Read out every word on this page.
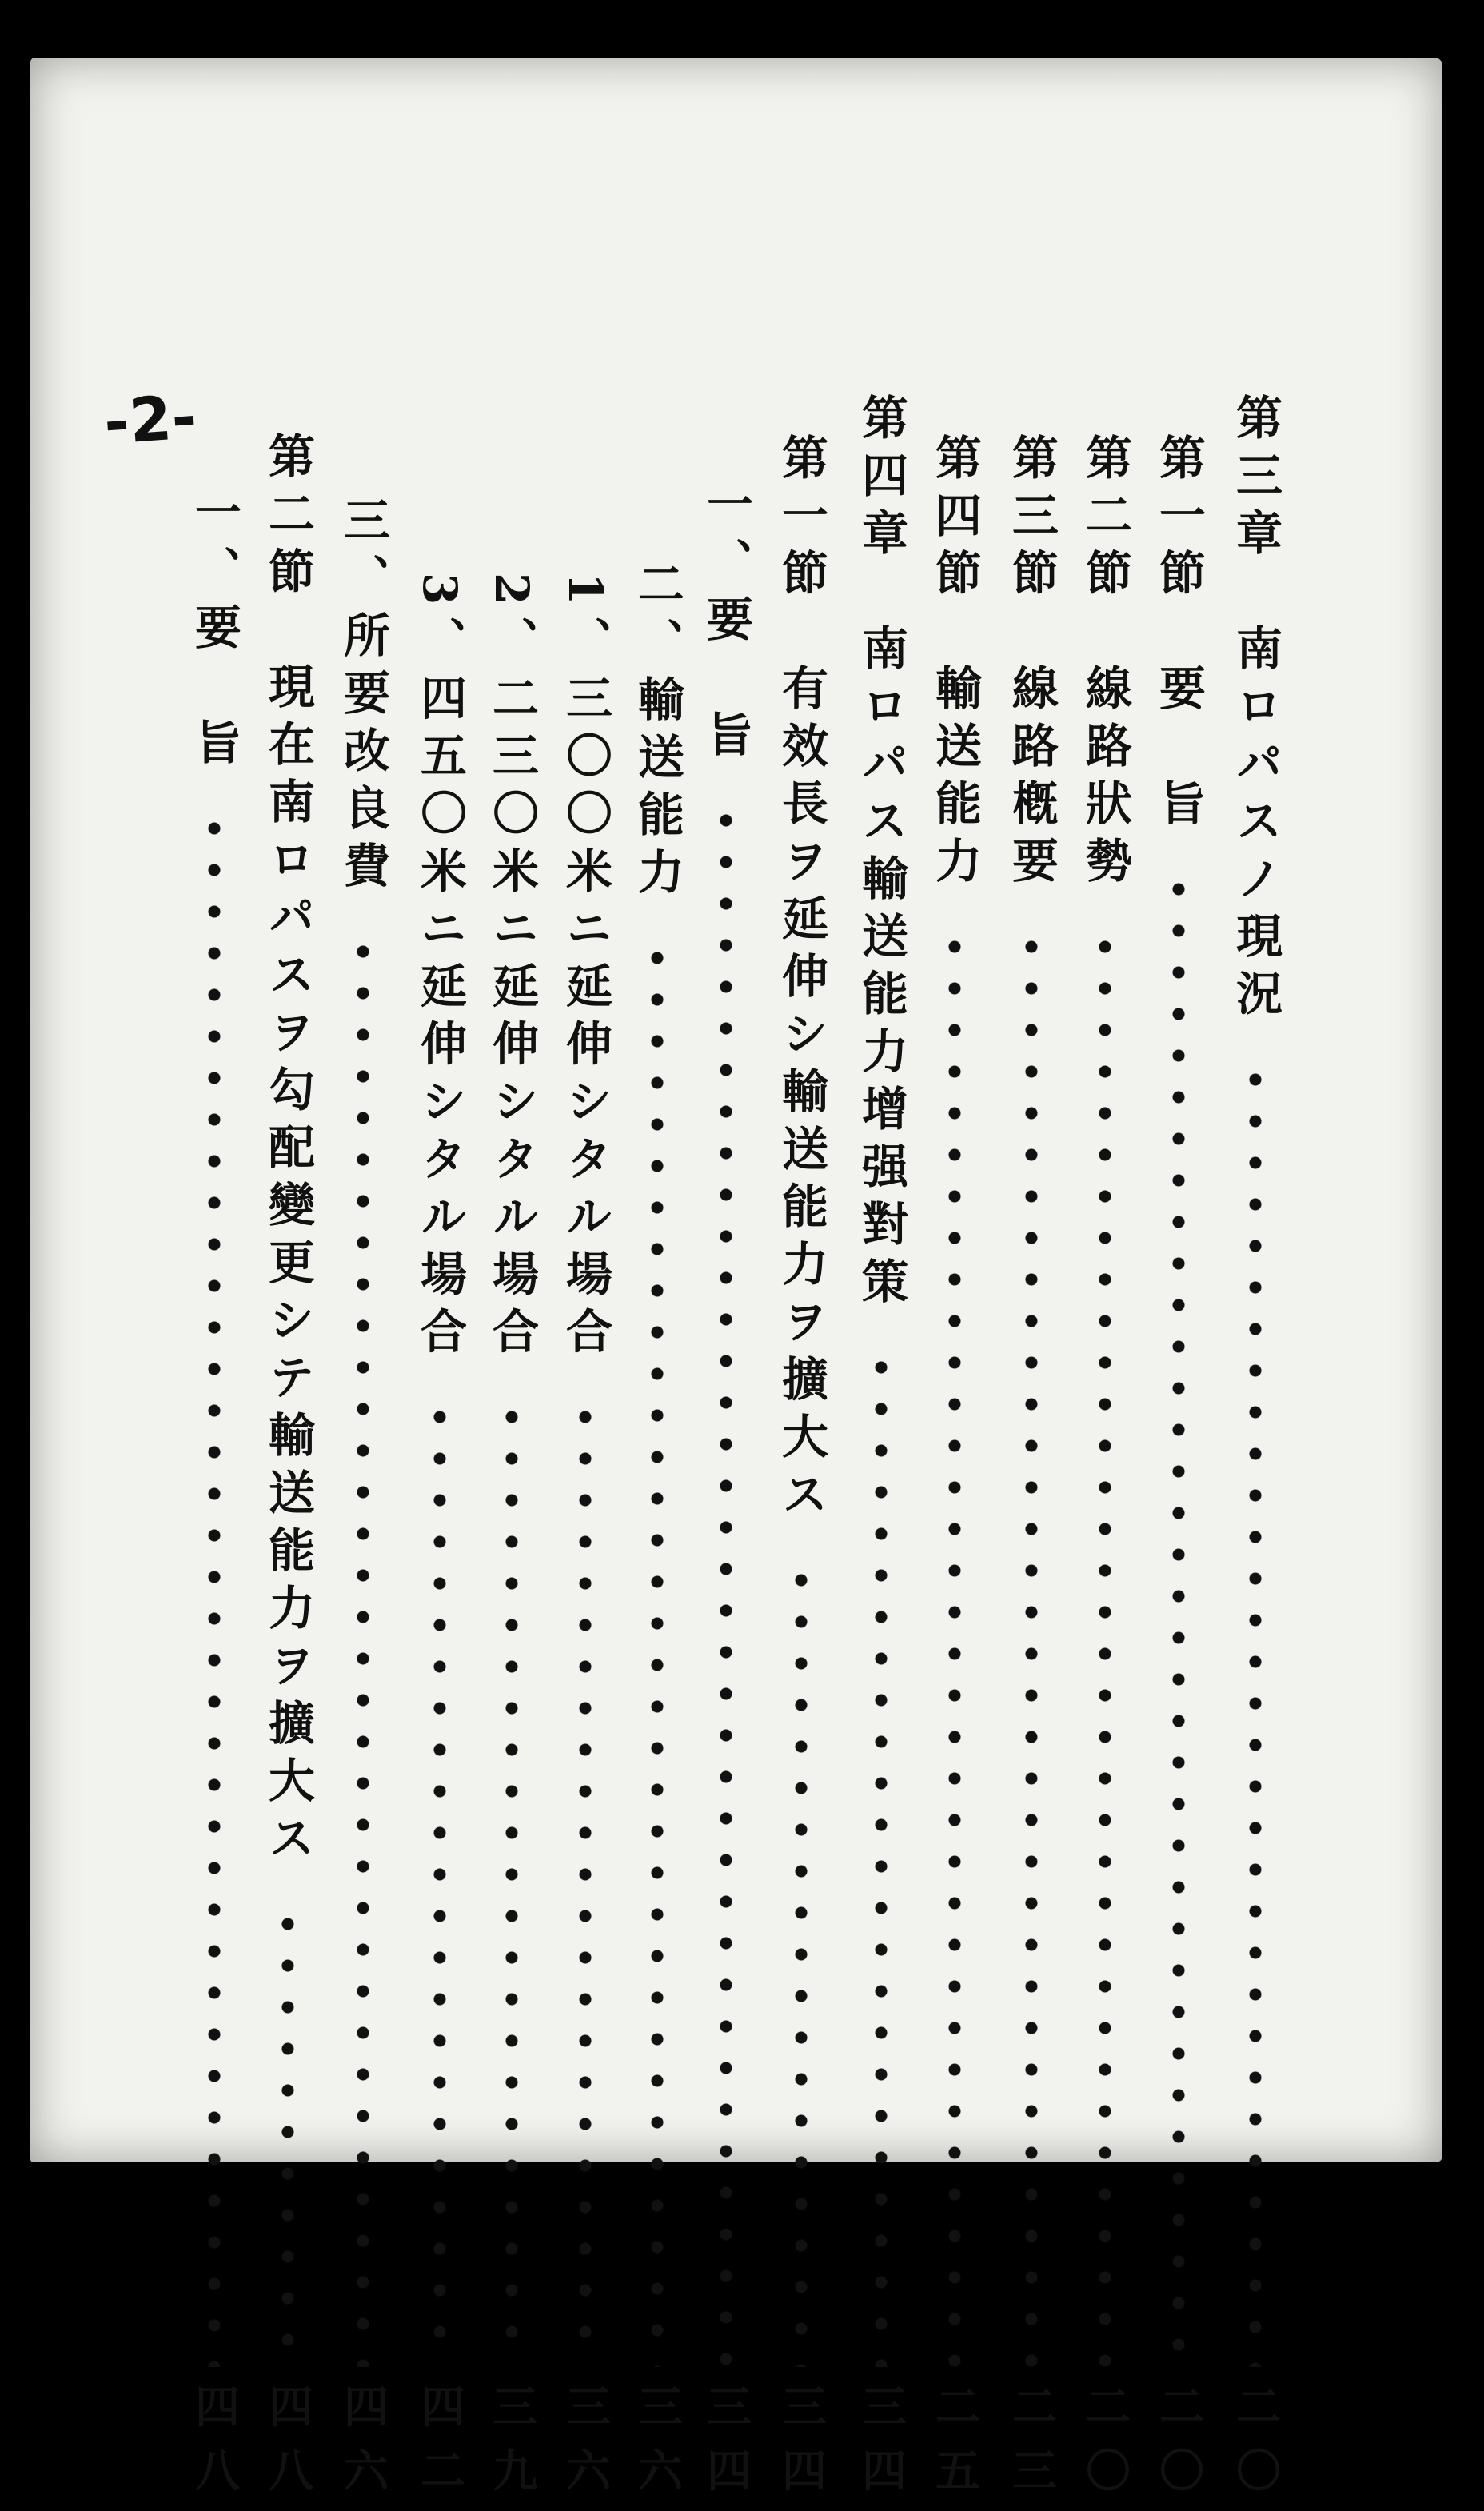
-2-	第三章　南ロパスノ現況
二〇
第一節　要　旨
二〇
第二節　線路狀勢
二〇
第三節　線路槪要
二三
第四節　輸送能力
二五
第四章　南ロパス輸送能力增强對策
三四
第一節　有效長ヲ延伸シ輸送能力ヲ擴大ス
三四
一、要　旨
三四
二、輸送能力
三六
1、三〇〇米ニ延伸シタル場合
三六
2、二三〇米ニ延伸シタル場合
三九
3、四五〇米ニ延伸シタル場合
四二
三、所要改良費
四六
第二節　現在南ロパスヲ勾配變更シテ輸送能力ヲ擴大ス
四八
一、要　旨
四八
